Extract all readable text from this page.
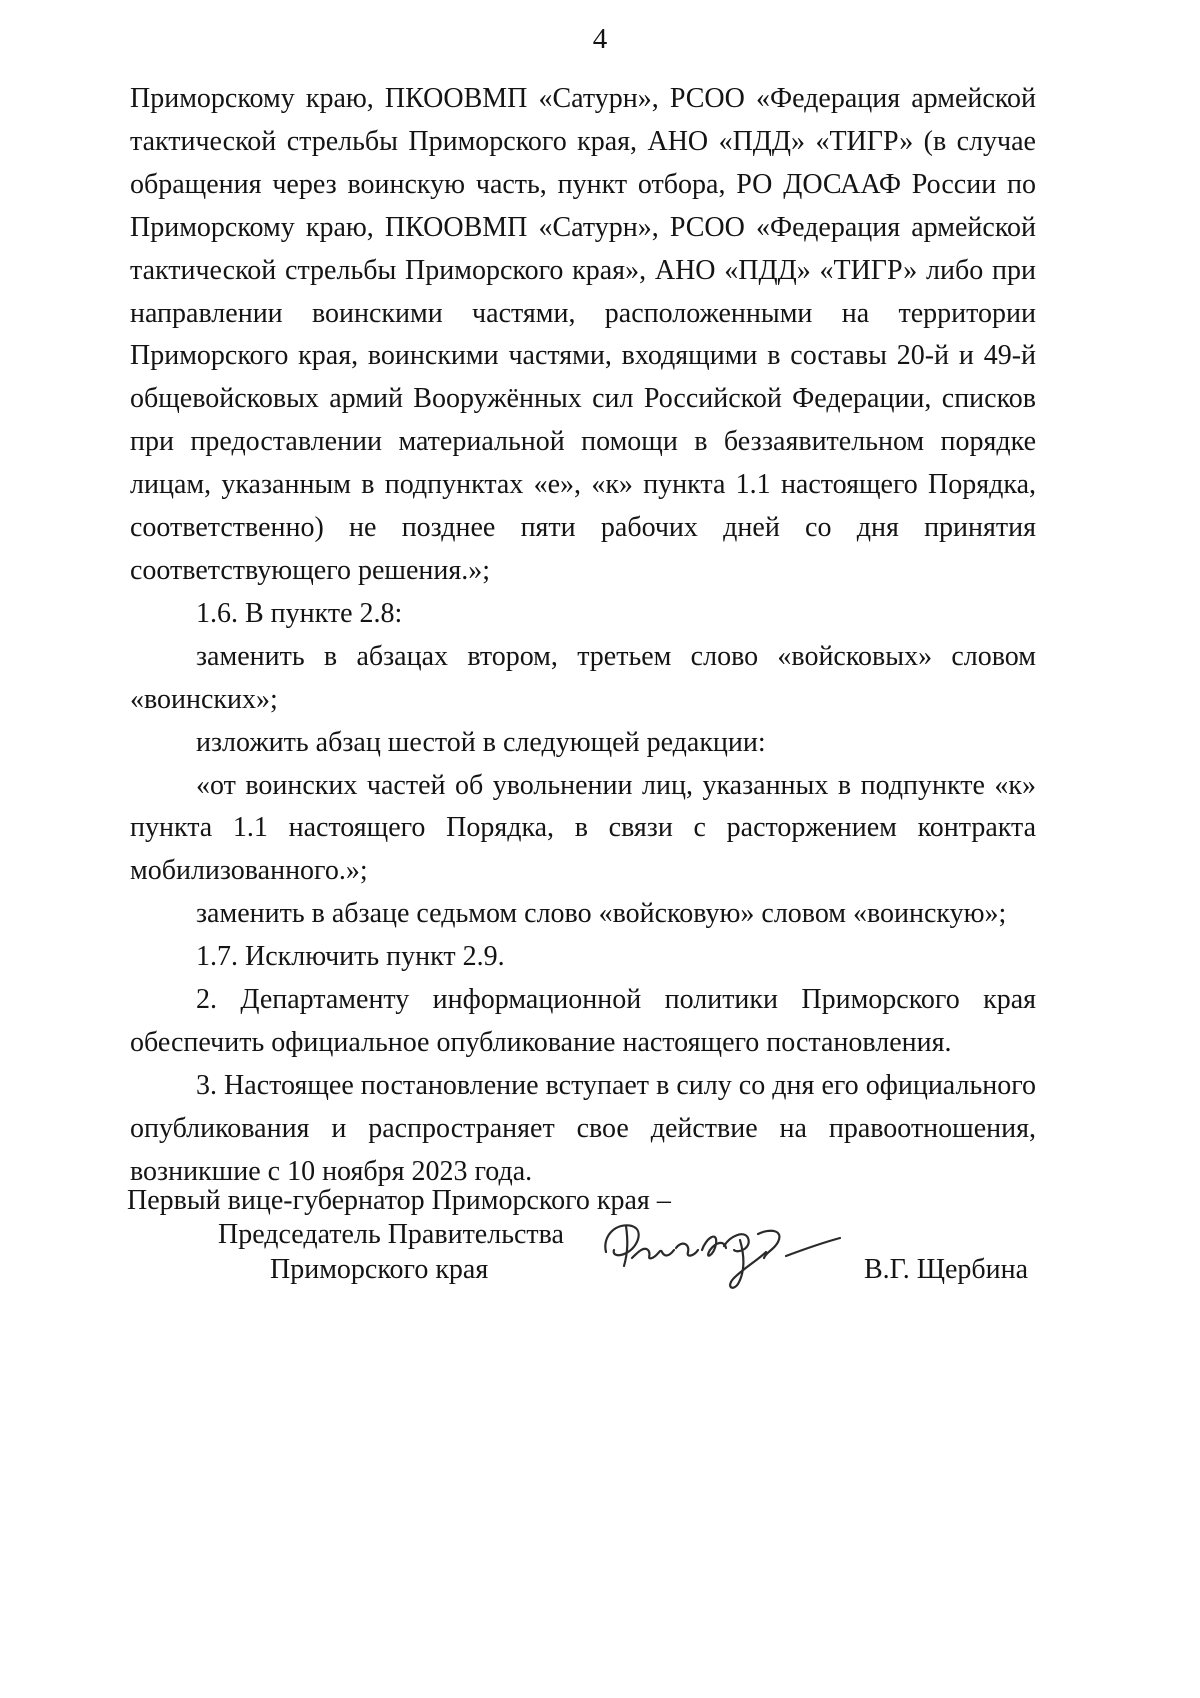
4

Приморскому краю, ПКООВМП «Сатурн», РСОО «Федерация армейской тактической стрельбы Приморского края, АНО «ПДД» «ТИГР» (в случае обращения через воинскую часть, пункт отбора, РО ДОСААФ России по Приморскому краю, ПКООВМП «Сатурн», РСОО «Федерация армейской тактической стрельбы Приморского края», АНО «ПДД» «ТИГР» либо при направлении воинскими частями, расположенными на территории Приморского края, воинскими частями, входящими в составы 20-й и 49-й общевойсковых армий Вооружённых сил Российской Федерации, списков при предоставлении материальной помощи в беззаявительном порядке лицам, указанным в подпунктах «е», «к» пункта 1.1 настоящего Порядка, соответственно) не позднее пяти рабочих дней со дня принятия соответствующего решения.»;

1.6. В пункте 2.8:

заменить в абзацах втором, третьем слово «войсковых» словом «воинских»;

изложить абзац шестой в следующей редакции:

«от воинских частей об увольнении лиц, указанных в подпункте «к» пункта 1.1 настоящего Порядка, в связи с расторжением контракта мобилизованного.»;

заменить в абзаце седьмом слово «войсковую» словом «воинскую»;

1.7. Исключить пункт 2.9.

2. Департаменту информационной политики Приморского края обеспечить официальное опубликование настоящего постановления.

3. Настоящее постановление вступает в силу со дня его официального опубликования и распространяет свое действие на правоотношения, возникшие с 10 ноября 2023 года.

Первый вице-губернатор Приморского края –
Председатель Правительства
Приморского края	В.Г. Щербина
